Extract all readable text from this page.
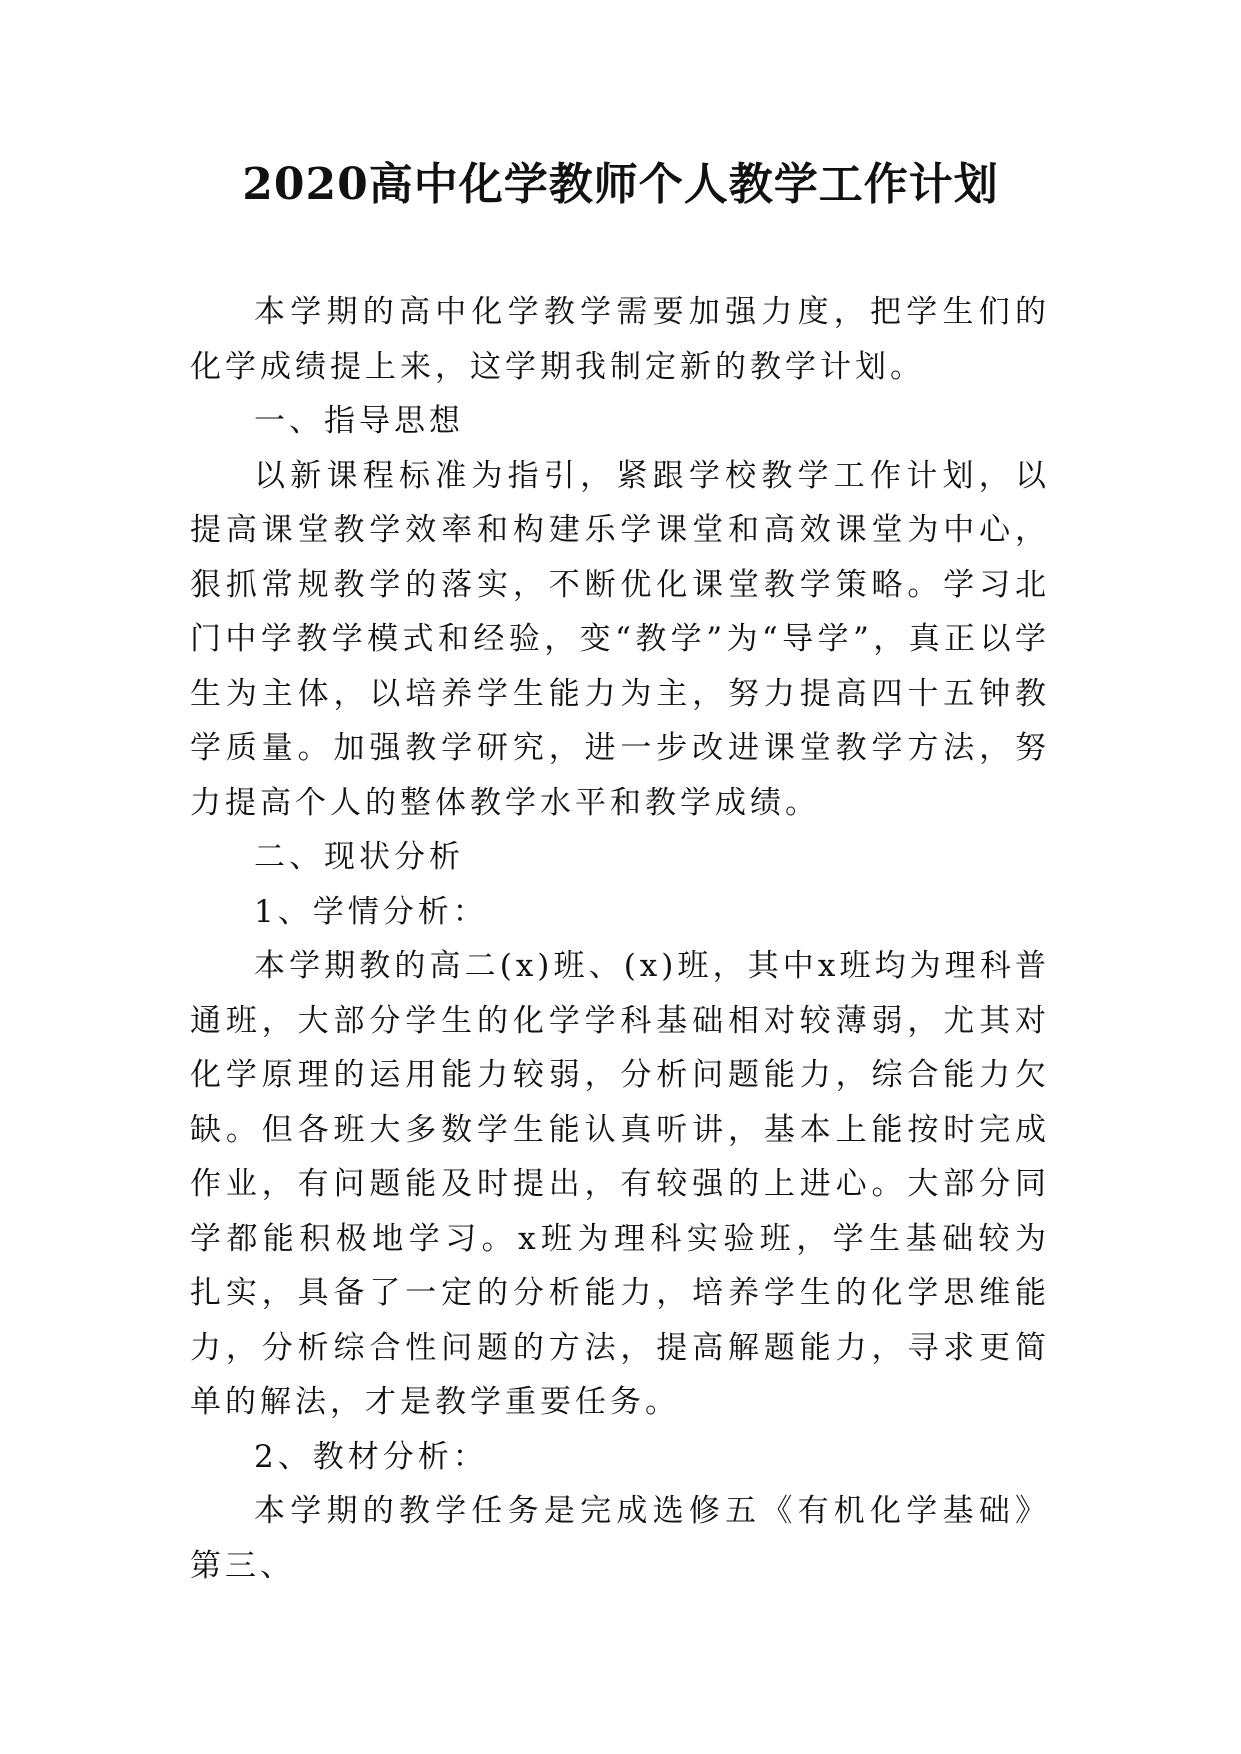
2020高中化学教师个人教学工作计划

本学期的高中化学教学需要加强力度，把学生们的化学成绩提上来，这学期我制定新的教学计划。

一、指导思想

以新课程标准为指引，紧跟学校教学工作计划，以提高课堂教学效率和构建乐学课堂和高效课堂为中心，狠抓常规教学的落实，不断优化课堂教学策略。学习北门中学教学模式和经验，变“教学”为“导学”，真正以学生为主体，以培养学生能力为主，努力提高四十五钟教学质量。加强教学研究，进一步改进课堂教学方法，努力提高个人的整体教学水平和教学成绩。

二、现状分析

1、学情分析：

本学期教的高二(x)班、(x)班，其中x班均为理科普通班，大部分学生的化学学科基础相对较薄弱，尤其对化学原理的运用能力较弱，分析问题能力，综合能力欠缺。但各班大多数学生能认真听讲，基本上能按时完成作业，有问题能及时提出，有较强的上进心。大部分同学都能积极地学习。x班为理科实验班，学生基础较为扎实，具备了一定的分析能力，培养学生的化学思维能力，分析综合性问题的方法，提高解题能力，寻求更简单的解法，才是教学重要任务。

2、教材分析：

本学期的教学任务是完成选修五《有机化学基础》第三、
